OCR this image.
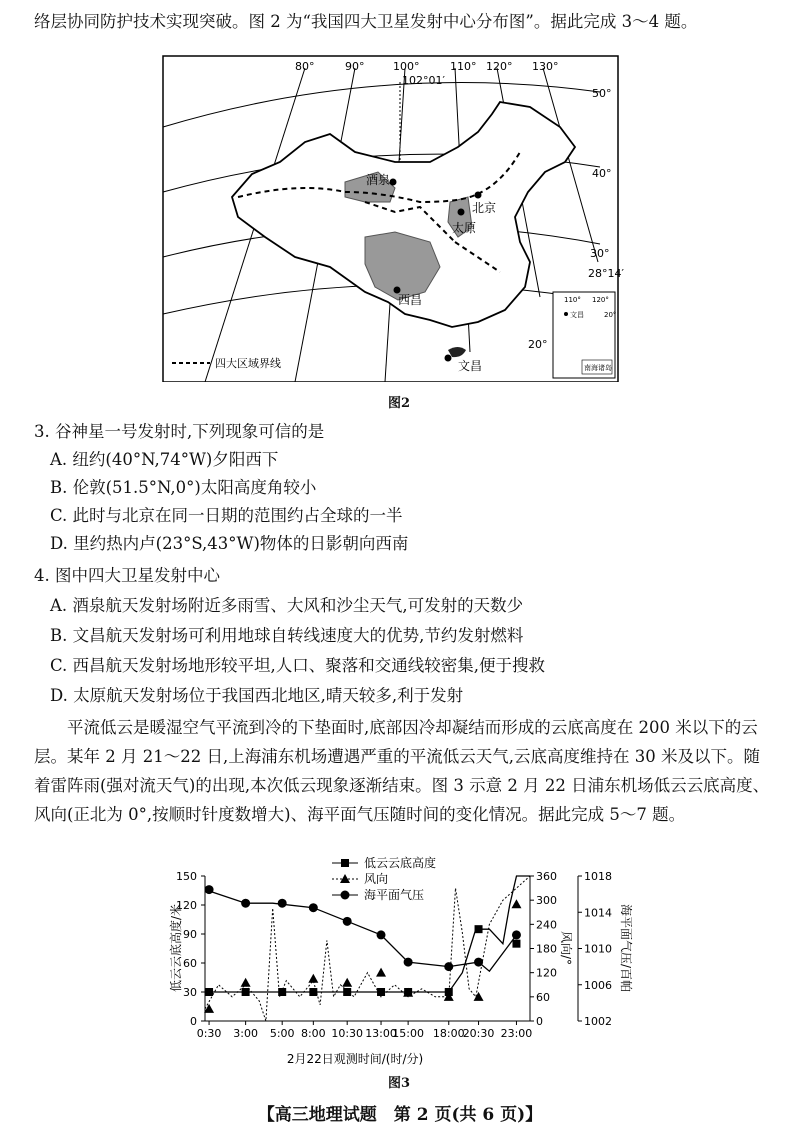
络层协同防护技术实现突破。图 2 为“我国四大卫星发射中心分布图”。据此完成 3～4 题。

80°	90°	100°
102°01′
110° 120° 130°
50°
40°
30°
28°14′
20°
酒泉
北京
太原
西昌
文昌
四大区域界线
110° 120°
20°
文昌
南海诸岛
图2

3. 谷神星一号发射时,下列现象可信的是

A. 纽约(40°N,74°W)夕阳西下

B. 伦敦(51.5°N,0°)太阳高度角较小

C. 此时与北京在同一日期的范围约占全球的一半

D. 里约热内卢(23°S,43°W)物体的日影朝向西南

4. 图中四大卫星发射中心

A. 酒泉航天发射场附近多雨雪、大风和沙尘天气,可发射的天数少

B. 文昌航天发射场可利用地球自转线速度大的优势,节约发射燃料

C. 西昌航天发射场地形较平坦,人口、聚落和交通线较密集,便于搜救

D. 太原航天发射场位于我国西北地区,晴天较多,利于发射

平流低云是暖湿空气平流到冷的下垫面时,底部因冷却凝结而形成的云底高度在 200 米以下的云层。某年 2 月 21～22 日,上海浦东机场遭遇严重的平流低云天气,云底高度维持在 30 米及以下。随着雷阵雨(强对流天气)的出现,本次低云现象逐渐结束。图 3 示意 2 月 22 日浦东机场低云云底高度、风向(正北为 0°,按顺时针度数增大)、海平面气压随时间的变化情况。据此完成 5～7 题。

0
30
60
90
120
150
0
60
120
180
240
300
360
1002
1006
1010
1014
1018
0:30 3:00 5:00 8:00 10:30 13:00
15:00 18:00
20:30 23:00
2月22日观测时间/(时/分)
低云云底高度/米	风向/°	海平面气压/百帕
低云云底高度
风向
海平面气压
图3
【高三地理试题　第 2 页(共 6 页)】
